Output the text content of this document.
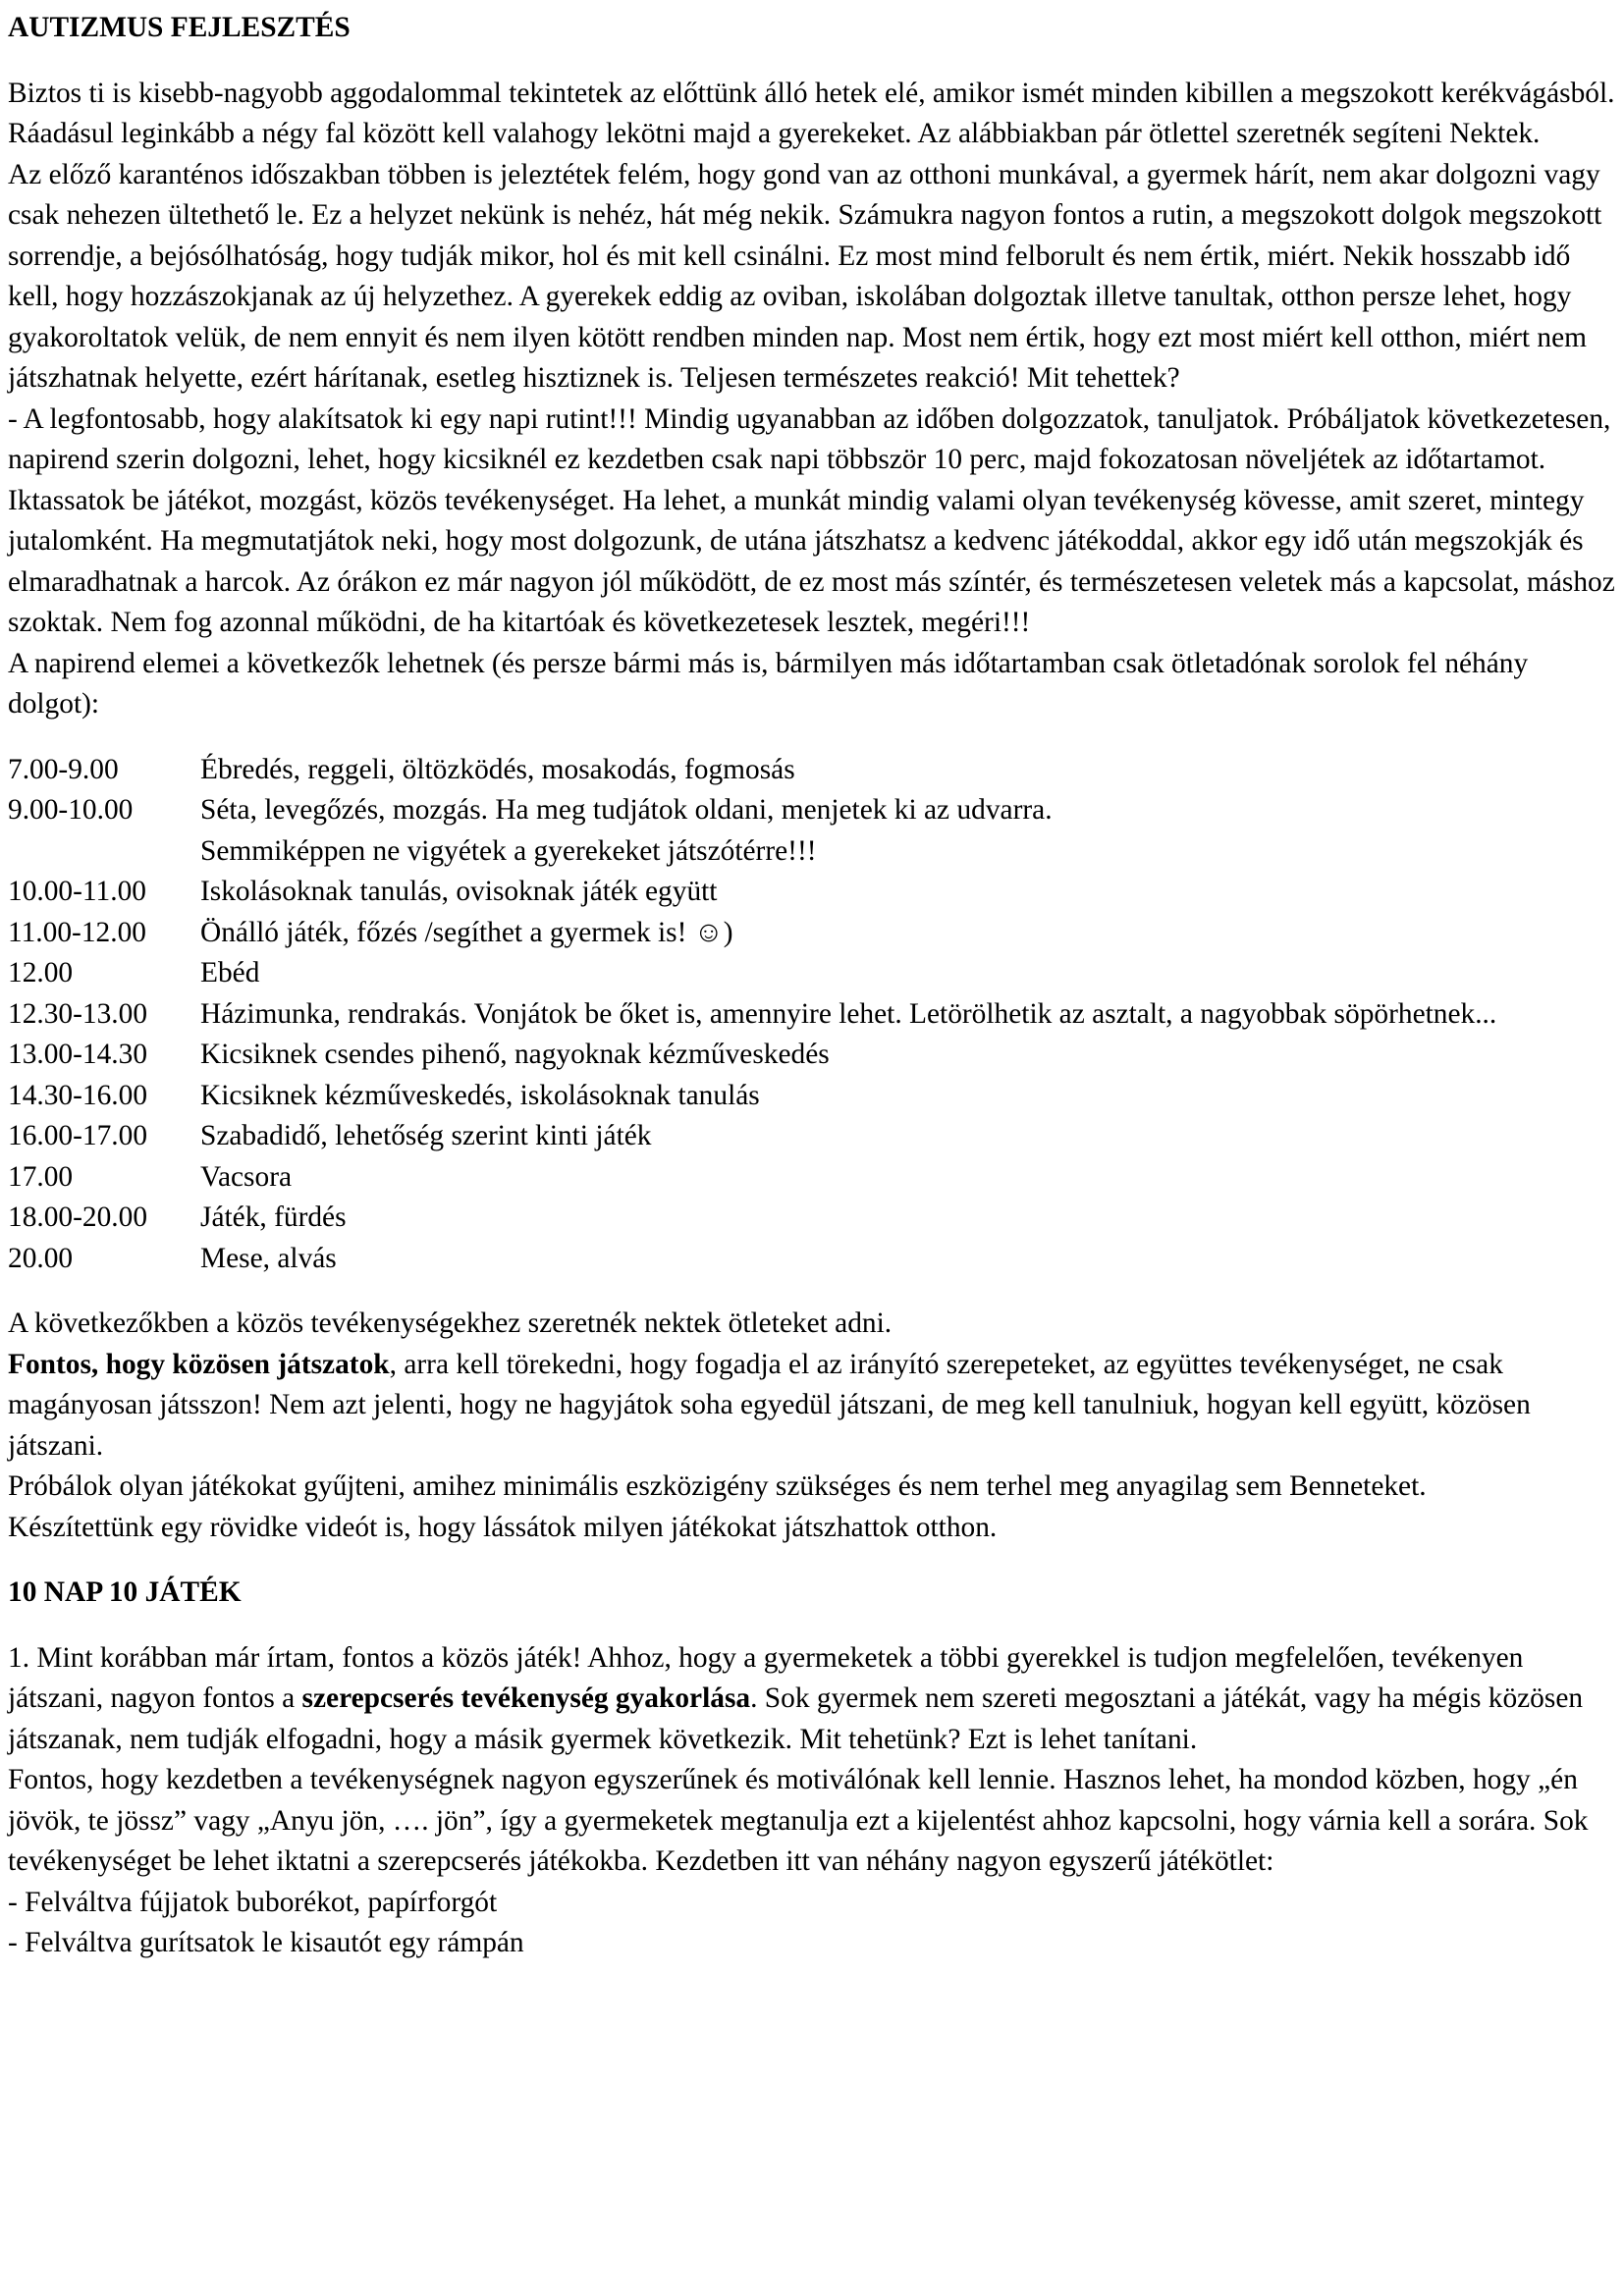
AUTIZMUS FEJLESZTÉS

Biztos ti is kisebb-nagyobb aggodalommal tekintetek az előttünk álló hetek elé, amikor ismét minden kibillen a megszokott kerékvágásból. Ráadásul leginkább a négy fal között kell valahogy lekötni majd a gyerekeket. Az alábbiakban pár ötlettel szeretnék segíteni Nektek.

Az előző karanténos időszakban többen is jeleztétek felém, hogy gond van az otthoni munkával, a gyermek hárít, nem akar dolgozni vagy csak nehezen ültethető le. Ez a helyzet nekünk is nehéz, hát még nekik. Számukra nagyon fontos a rutin, a megszokott dolgok megszokott sorrendje, a bejósólhatóság, hogy tudják mikor, hol és mit kell csinálni. Ez most mind felborult és nem értik, miért. Nekik hosszabb idő kell, hogy hozzászokjanak az új helyzethez. A gyerekek eddig az oviban, iskolában dolgoztak illetve tanultak, otthon persze lehet, hogy gyakoroltatok velük, de nem ennyit és nem ilyen kötött rendben minden nap. Most nem értik, hogy ezt most miért kell otthon, miért nem játszhatnak helyette, ezért hárítanak, esetleg hisztiznek is. Teljesen természetes reakció! Mit tehettek?

- A legfontosabb, hogy alakítsatok ki egy napi rutint!!! Mindig ugyanabban az időben dolgozzatok, tanuljatok. Próbáljatok következetesen, napirend szerin dolgozni, lehet, hogy kicsiknél ez kezdetben csak napi többször 10 perc, majd fokozatosan növeljétek az időtartamot. Iktassatok be játékot, mozgást, közös tevékenységet. Ha lehet, a munkát mindig valami olyan tevékenység kövesse, amit szeret, mintegy jutalomként. Ha megmutatjátok neki, hogy most dolgozunk, de utána játszhatsz a kedvenc játékoddal, akkor egy idő után megszokják és elmaradhatnak a harcok. Az órákon ez már nagyon jól működött, de ez most más színtér, és természetesen veletek más a kapcsolat, máshoz szoktak. Nem fog azonnal működni, de ha kitartóak és következetesek lesztek, megéri!!!

A napirend elemei a következők lehetnek (és persze bármi más is, bármilyen más időtartamban csak ötletadónak sorolok fel néhány dolgot):

7.00-9.00	Ébredés, reggeli, öltözködés, mosakodás, fogmosás
9.00-10.00	Séta, levegőzés, mozgás. Ha meg tudjátok oldani, menjetek ki az udvarra.
Semmiképpen ne vigyétek a gyerekeket játszótérre!!!
10.00-11.00	Iskolásoknak tanulás, ovisoknak játék együtt
11.00-12.00	Önálló játék, főzés /segíthet a gyermek is! ☺)
12.00	Ebéd
12.30-13.00 Házimunka, rendrakás. Vonjátok be őket is, amennyire lehet. Letörölhetik az asztalt, a nagyobbak söpörhetnek...
13.00-14.30	Kicsiknek csendes pihenő, nagyoknak kézműveskedés
14.30-16.00	Kicsiknek kézműveskedés, iskolásoknak tanulás
16.00-17.00	Szabadidő, lehetőség szerint kinti játék
17.00	Vacsora
18.00-20.00	Játék, fürdés
20.00	Mese, alvás

A következőkben a közös tevékenységekhez szeretnék nektek ötleteket adni.

Fontos, hogy közösen játszatok, arra kell törekedni, hogy fogadja el az irányító szerepeteket, az együttes tevékenységet, ne csak magányosan játsszon! Nem azt jelenti, hogy ne hagyjátok soha egyedül játszani, de meg kell tanulniuk, hogyan kell együtt, közösen játszani.

Próbálok olyan játékokat gyűjteni, amihez minimális eszközigény szükséges és nem terhel meg anyagilag sem Benneteket.

Készítettünk egy rövidke videót is, hogy lássátok milyen játékokat játszhattok otthon.

10 NAP 10 JÁTÉK

1. Mint korábban már írtam, fontos a közös játék! Ahhoz, hogy a gyermeketek a többi gyerekkel is tudjon megfelelően, tevékenyen játszani, nagyon fontos a szerepcserés tevékenység gyakorlása. Sok gyermek nem szereti megosztani a játékát, vagy ha mégis közösen játszanak, nem tudják elfogadni, hogy a másik gyermek következik. Mit tehetünk? Ezt is lehet tanítani.

Fontos, hogy kezdetben a tevékenységnek nagyon egyszerűnek és motiválónak kell lennie. Hasznos lehet, ha mondod közben, hogy „én jövök, te jössz” vagy „Anyu jön, …. jön”, így a gyermeketek megtanulja ezt a kijelentést ahhoz kapcsolni, hogy várnia kell a sorára. Sok tevékenységet be lehet iktatni a szerepcserés játékokba. Kezdetben itt van néhány nagyon egyszerű játékötlet:

- Felváltva fújjatok buborékot, papírforgót

- Felváltva gurítsatok le kisautót egy rámpán
